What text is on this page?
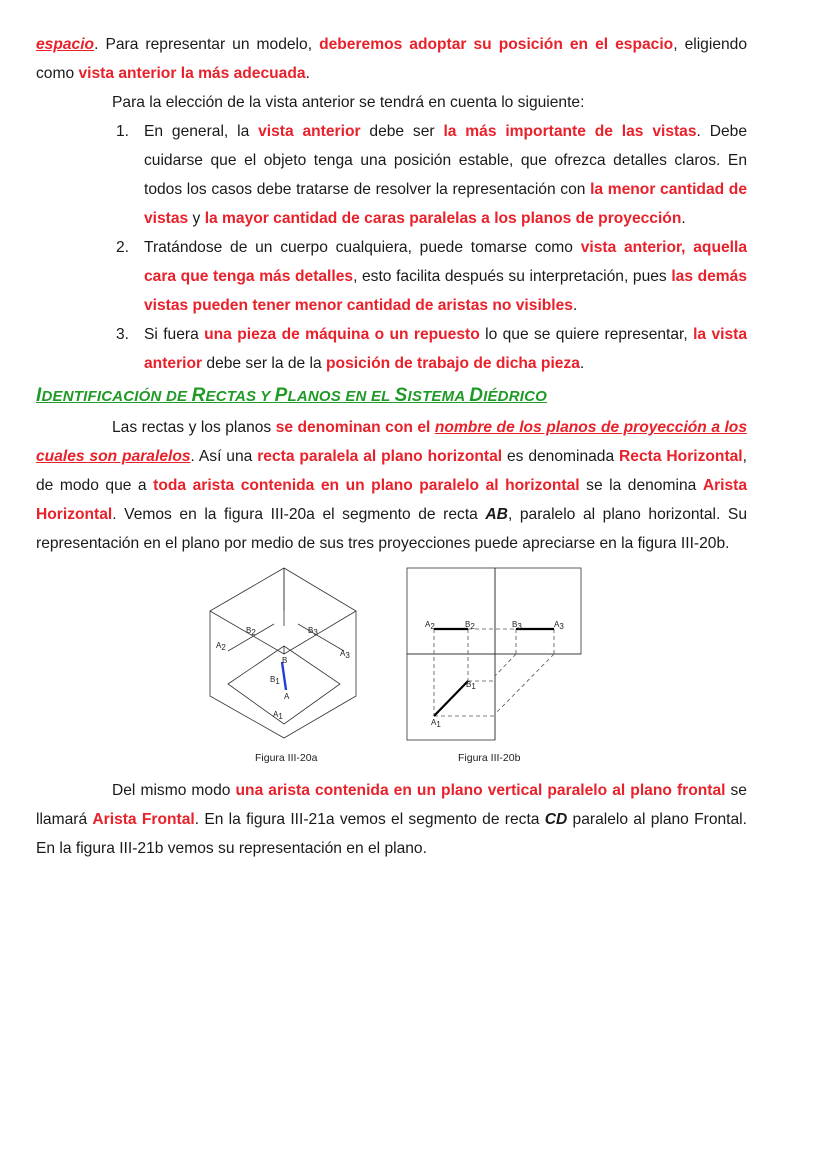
espacio. Para representar un modelo, deberemos adoptar su posición en el espacio, eligiendo como vista anterior la más adecuada.

Para la elección de la vista anterior se tendrá en cuenta lo siguiente:

1. En general, la vista anterior debe ser la más importante de las vistas. Debe cuidarse que el objeto tenga una posición estable, que ofrezca detalles claros. En todos los casos debe tratarse de resolver la representación con la menor cantidad de vistas y la mayor cantidad de caras paralelas a los planos de proyección.
2. Tratándose de un cuerpo cualquiera, puede tomarse como vista anterior, aquella cara que tenga más detalles, esto facilita después su interpretación, pues las demás vistas pueden tener menor cantidad de aristas no visibles.
3. Si fuera una pieza de máquina o un repuesto lo que se quiere representar, la vista anterior debe ser la de la posición de trabajo de dicha pieza.
IDENTIFICACIÓN DE RECTAS Y PLANOS EN EL SISTEMA DIÉDRICO

Las rectas y los planos se denominan con el nombre de los planos de proyección a los cuales son paralelos. Así una recta paralela al plano horizontal es denominada Recta Horizontal, de modo que a toda arista contenida en un plano paralelo al horizontal se la denomina Arista Horizontal. Vemos en la figura III-20a el segmento de recta AB, paralelo al plano horizontal. Su representación en el plano por medio de sus tres proyecciones puede apreciarse en la figura III-20b.

B2
A2
B3
A3
B
B1
A
A1
A2	B2	B3	A3
B1
A1
Figura III-20a	Figura III-20b

Del mismo modo una arista contenida en un plano vertical paralelo al plano frontal se llamará Arista Frontal. En la figura III-21a vemos el segmento de recta CD paralelo al plano Frontal. En la figura III-21b vemos su representación en el plano.
